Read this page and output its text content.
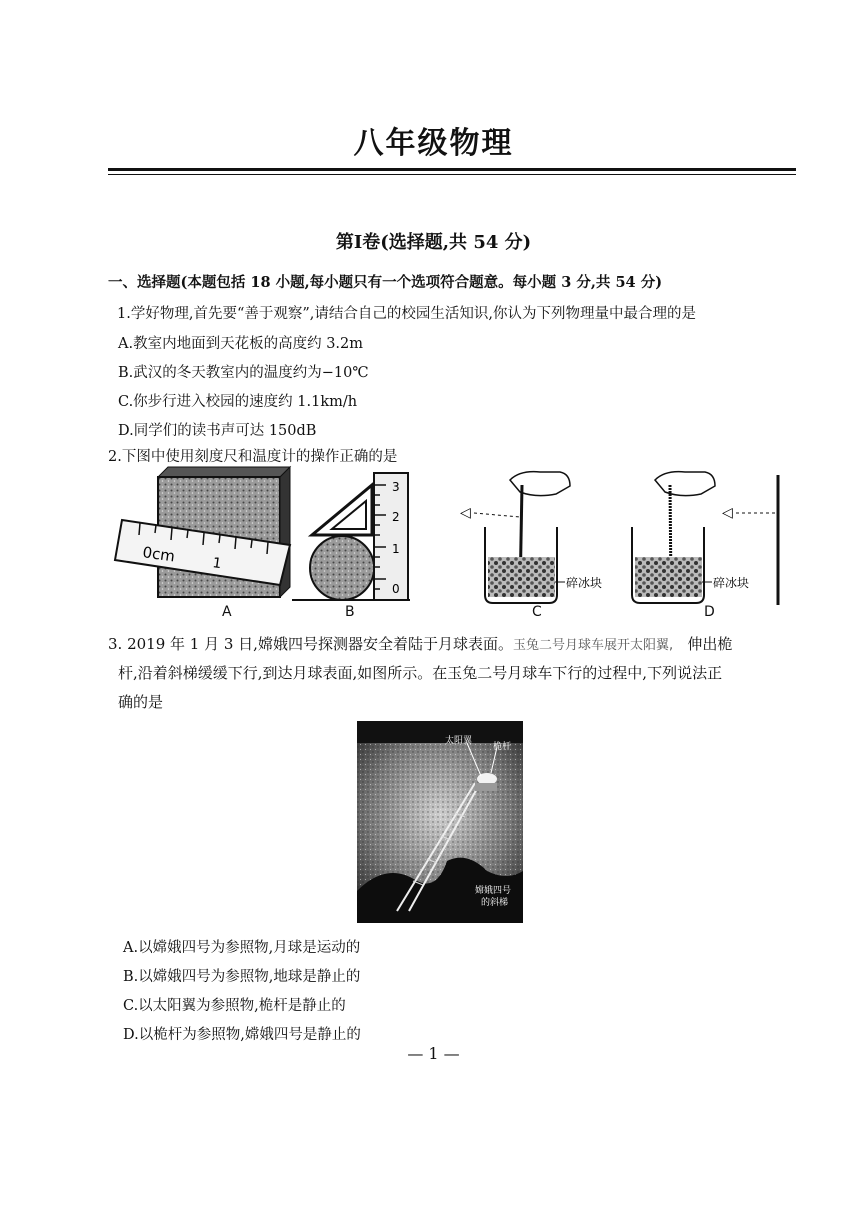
八年级物理
第Ⅰ卷(选择题,共 54 分)
一、选择题(本题包括 18 小题,每小题只有一个选项符合题意。每小题 3 分,共 54 分)
1.学好物理,首先要“善于观察”,请结合自己的校园生活知识,你认为下列物理量中最合理的是
A.教室内地面到天花板的高度约 3.2m
B.武汉的冬天教室内的温度约为−10℃
C.你步行进入校园的速度约 1.1km/h
D.同学们的读书声可达 150dB
2.下图中使用刻度尺和温度计的操作正确的是
0cm	1
3
2
1
0
◁
碎冰块
◁
碎冰块
A	B	C	D
3. 2019 年 1 月 3 日,嫦娥四号探测器安全着陆于月球表面。玉兔二号月球车展开太阳翼, 伸出桅
杆,沿着斜梯缓缓下行,到达月球表面,如图所示。在玉兔二号月球车下行的过程中,下列说法正
确的是
太阳翼
桅杆
嫦娥四号
的斜梯
A.以嫦娥四号为参照物,月球是运动的
B.以嫦娥四号为参照物,地球是静止的
C.以太阳翼为参照物,桅杆是静止的
D.以桅杆为参照物,嫦娥四号是静止的
— 1 —
